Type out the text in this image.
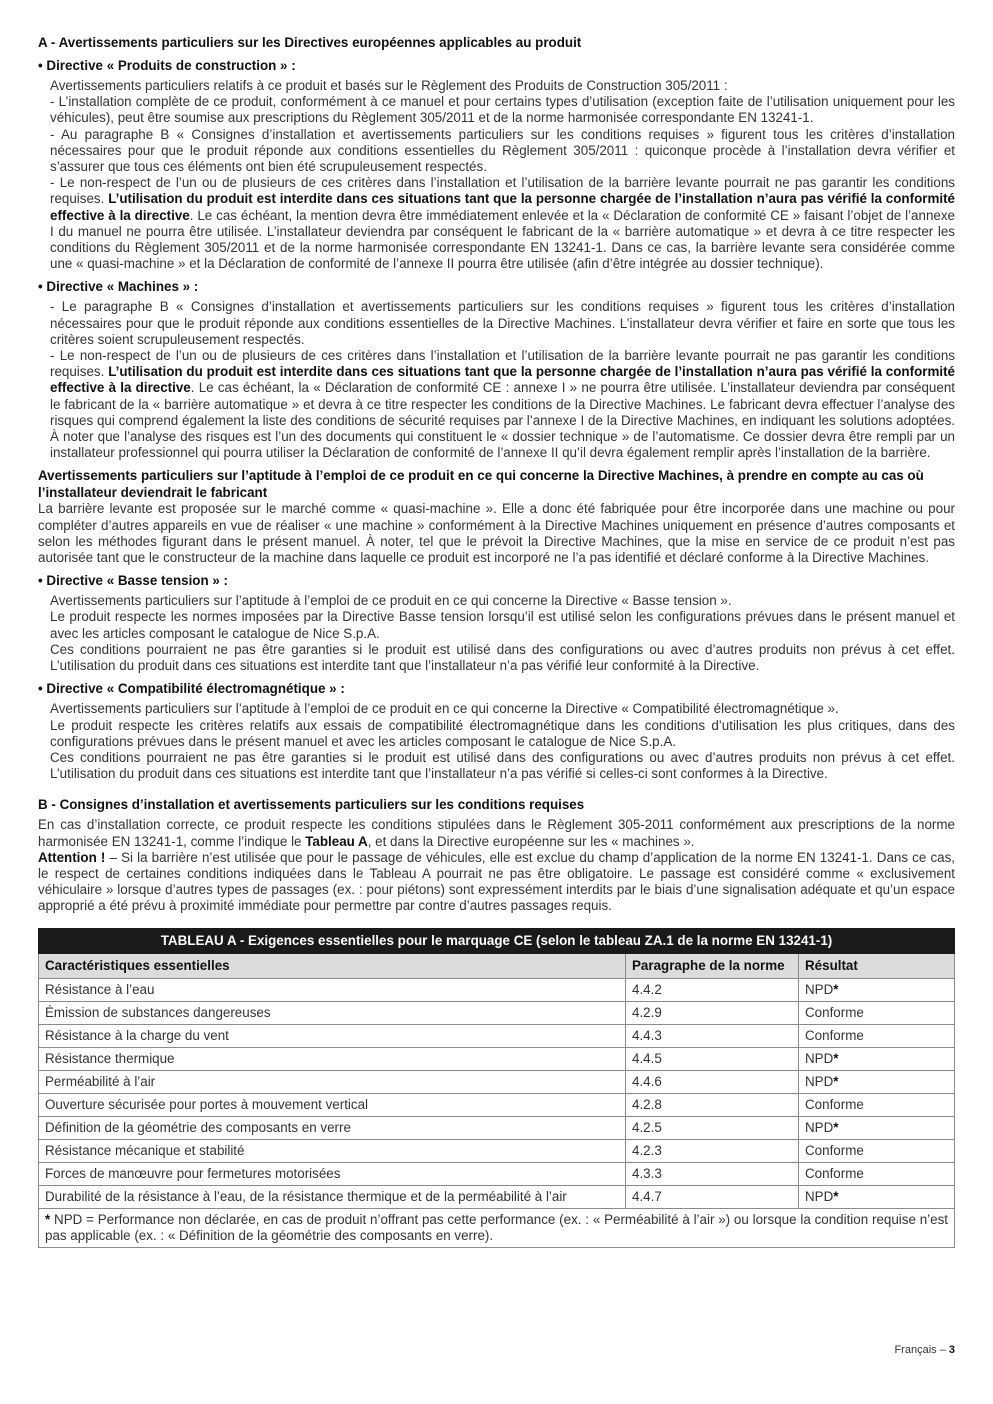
A - Avertissements particuliers sur les Directives européennes applicables au produit
• Directive « Produits de construction » :
Avertissements particuliers relatifs à ce produit et basés sur le Règlement des Produits de Construction 305/2011 :
- L’installation complète de ce produit, conformément à ce manuel et pour certains types d’utilisation (exception faite de l’utilisation uniquement pour les véhicules), peut être soumise aux prescriptions du Règlement 305/2011 et de la norme harmonisée correspondante EN 13241-1.
- Au paragraphe B « Consignes d’installation et avertissements particuliers sur les conditions requises » figurent tous les critères d’installation nécessaires pour que le produit réponde aux conditions essentielles du Règlement 305/2011 : quiconque procède à l’installation devra vérifier et s’assurer que tous ces éléments ont bien été scrupuleusement respectés.
- Le non-respect de l’un ou de plusieurs de ces critères dans l’installation et l’utilisation de la barrière levante pourrait ne pas garantir les conditions requises. L’utilisation du produit est interdite dans ces situations tant que la personne chargée de l’installation n’aura pas vérifié la conformité effective à la directive. Le cas échéant, la mention devra être immédiatement enlevée et la « Déclaration de conformité CE » faisant l’objet de l’annexe I du manuel ne pourra être utilisée. L’installateur deviendra par conséquent le fabricant de la « barrière automatique » et devra à ce titre respecter les conditions du Règlement 305/2011 et de la norme harmonisée correspondante EN 13241-1. Dans ce cas, la barrière levante sera considérée comme une « quasi-machine » et la Déclaration de conformité de l’annexe II pourra être utilisée (afin d’être intégrée au dossier technique).
• Directive « Machines » :
- Le paragraphe B « Consignes d’installation et avertissements particuliers sur les conditions requises » figurent tous les critères d’installation nécessaires pour que le produit réponde aux conditions essentielles de la Directive Machines. L’installateur devra vérifier et faire en sorte que tous les critères soient scrupuleusement respectés.
- Le non-respect de l’un ou de plusieurs de ces critères dans l’installation et l’utilisation de la barrière levante pourrait ne pas garantir les conditions requises. L’utilisation du produit est interdite dans ces situations tant que la personne chargée de l’installation n’aura pas vérifié la conformité effective à la directive. Le cas échéant, la « Déclaration de conformité CE : annexe I » ne pourra être utilisée. L’installateur deviendra par conséquent le fabricant de la « barrière automatique » et devra à ce titre respecter les conditions de la Directive Machines. Le fabricant devra effectuer l’analyse des risques qui comprend également la liste des conditions de sécurité requises par l’annexe I de la Directive Machines, en indiquant les solutions adoptées. À noter que l’analyse des risques est l’un des documents qui constituent le « dossier technique » de l’automatisme. Ce dossier devra être rempli par un installateur professionnel qui pourra utiliser la Déclaration de conformité de l’annexe II qu’il devra également remplir après l’installation de la barrière.
Avertissements particuliers sur l’aptitude à l’emploi de ce produit en ce qui concerne la Directive Machines, à prendre en compte au cas où l’installateur deviendrait le fabricant
La barrière levante est proposée sur le marché comme « quasi-machine ». Elle a donc été fabriquée pour être incorporée dans une machine ou pour compléter d’autres appareils en vue de réaliser « une machine » conformément à la Directive Machines uniquement en présence d’autres composants et selon les méthodes figurant dans le présent manuel. À noter, tel que le prévoit la Directive Machines, que la mise en service de ce produit n’est pas autorisée tant que le constructeur de la machine dans laquelle ce produit est incorporé ne l’a pas identifié et déclaré conforme à la Directive Machines.
• Directive « Basse tension » :
Avertissements particuliers sur l’aptitude à l’emploi de ce produit en ce qui concerne la Directive « Basse tension ».
Le produit respecte les normes imposées par la Directive Basse tension lorsqu’il est utilisé selon les configurations prévues dans le présent manuel et avec les articles composant le catalogue de Nice S.p.A.
Ces conditions pourraient ne pas être garanties si le produit est utilisé dans des configurations ou avec d’autres produits non prévus à cet effet. L’utilisation du produit dans ces situations est interdite tant que l’installateur n’a pas vérifié leur conformité à la Directive.
• Directive « Compatibilité électromagnétique » :
Avertissements particuliers sur l’aptitude à l’emploi de ce produit en ce qui concerne la Directive « Compatibilité électromagnétique ».
Le produit respecte les critères relatifs aux essais de compatibilité électromagnétique dans les conditions d’utilisation les plus critiques, dans des configurations prévues dans le présent manuel et avec les articles composant le catalogue de Nice S.p.A.
Ces conditions pourraient ne pas être garanties si le produit est utilisé dans des configurations ou avec d’autres produits non prévus à cet effet. L’utilisation du produit dans ces situations est interdite tant que l’installateur n’a pas vérifié si celles-ci sont conformes à la Directive.
B - Consignes d’installation et avertissements particuliers sur les conditions requises
En cas d’installation correcte, ce produit respecte les conditions stipulées dans le Règlement 305-2011 conformément aux prescriptions de la norme harmonisée EN 13241-1, comme l’indique le Tableau A, et dans la Directive européenne sur les « machines ».
Attention ! – Si la barrière n’est utilisée que pour le passage de véhicules, elle est exclue du champ d’application de la norme EN 13241-1. Dans ce cas, le respect de certaines conditions indiquées dans le Tableau A pourrait ne pas être obligatoire. Le passage est considéré comme « exclusivement véhiculaire » lorsque d’autres types de passages (ex. : pour piétons) sont expressément interdits par le biais d’une signalisation adéquate et qu’un espace approprié a été prévu à proximité immédiate pour permettre par contre d’autres passages requis.
TABLEAU A - Exigences essentielles pour le marquage CE (selon le tableau ZA.1 de la norme EN 13241-1)		
Caractéristiques essentielles	Paragraphe de la norme	Résultat
Résistance à l’eau	4.4.2	NPD*
Émission de substances dangereuses	4.2.9	Conforme
Résistance à la charge du vent	4.4.3	Conforme
Résistance thermique	4.4.5	NPD*
Perméabilité à l’air	4.4.6	NPD*
Ouverture sécurisée pour portes à mouvement vertical	4.2.8	Conforme
Définition de la géométrie des composants en verre	4.2.5	NPD*
Résistance mécanique et stabilité	4.2.3	Conforme
Forces de manœuvre pour fermetures motorisées	4.3.3	Conforme
Durabilité de la résistance à l’eau, de la résistance thermique et de la perméabilité à l’air	4.4.7	NPD*
* NPD = Performance non déclarée, en cas de produit n’offrant pas cette performance (ex. : « Perméabilité à l’air ») ou lorsque la condition requise n’est pas applicable (ex. : « Définition de la géométrie des composants en verre).		
Français – 3
